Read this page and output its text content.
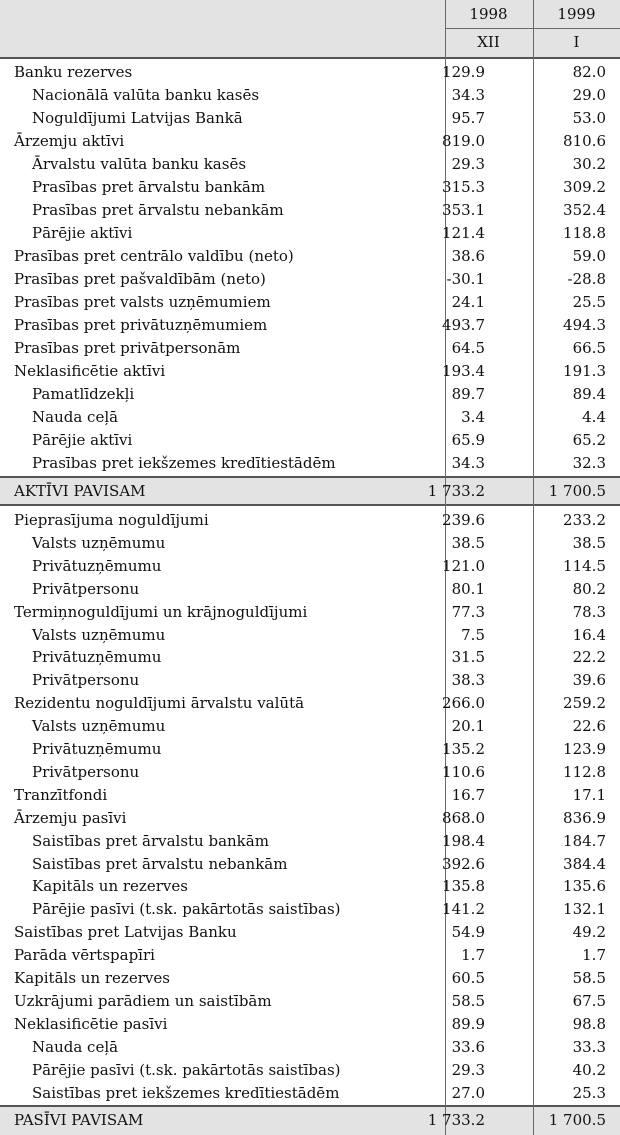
1998	1999
XII	I
Banku rezerves	129.9	82.0
Nacionālā valūta banku kasēs	34.3	29.0
Noguldījumi Latvijas Bankā	95.7	53.0
Ārzemju aktīvi	819.0	810.6
Ārvalstu valūta banku kasēs	29.3	30.2
Prasības pret ārvalstu bankām	315.3	309.2
Prasības pret ārvalstu nebankām	353.1	352.4
Pārējie aktīvi	121.4	118.8
Prasības pret centrālo valdību (neto)	38.6	59.0
Prasības pret pašvaldībām (neto)	-30.1	-28.8
Prasības pret valsts uzņēmumiem	24.1	25.5
Prasības pret privātuzņēmumiem	493.7	494.3
Prasības pret privātpersonām	64.5	66.5
Neklasificētie aktīvi	193.4	191.3
Pamatlīdzekļi	89.7	89.4
Nauda ceļā	3.4	4.4
Pārējie aktīvi	65.9	65.2
Prasības pret iekšzemes kredītiestādēm	34.3	32.3
AKTĪVI PAVISAM	1 733.2	1 700.5
Pieprasījuma noguldījumi	239.6	233.2
Valsts uzņēmumu	38.5	38.5
Privātuzņēmumu	121.0	114.5
Privātpersonu	80.1	80.2
Termiņnoguldījumi un krājnoguldījumi	77.3	78.3
Valsts uzņēmumu	7.5	16.4
Privātuzņēmumu	31.5	22.2
Privātpersonu	38.3	39.6
Rezidentu noguldījumi ārvalstu valūtā	266.0	259.2
Valsts uzņēmumu	20.1	22.6
Privātuzņēmumu	135.2	123.9
Privātpersonu	110.6	112.8
Tranzītfondi	16.7	17.1
Ārzemju pasīvi	868.0	836.9
Saistības pret ārvalstu bankām	198.4	184.7
Saistības pret ārvalstu nebankām	392.6	384.4
Kapitāls un rezerves	135.8	135.6
Pārējie pasīvi (t.sk. pakārtotās saistības)	141.2	132.1
Saistības pret Latvijas Banku	54.9	49.2
Parāda vērtspapīri	1.7	1.7
Kapitāls un rezerves	60.5	58.5
Uzkrājumi parādiem un saistībām	58.5	67.5
Neklasificētie pasīvi	89.9	98.8
Nauda ceļā	33.6	33.3
Pārējie pasīvi (t.sk. pakārtotās saistības)	29.3	40.2
Saistības pret iekšzemes kredītiestādēm	27.0	25.3
PASĪVI PAVISAM	1 733.2	1 700.5
